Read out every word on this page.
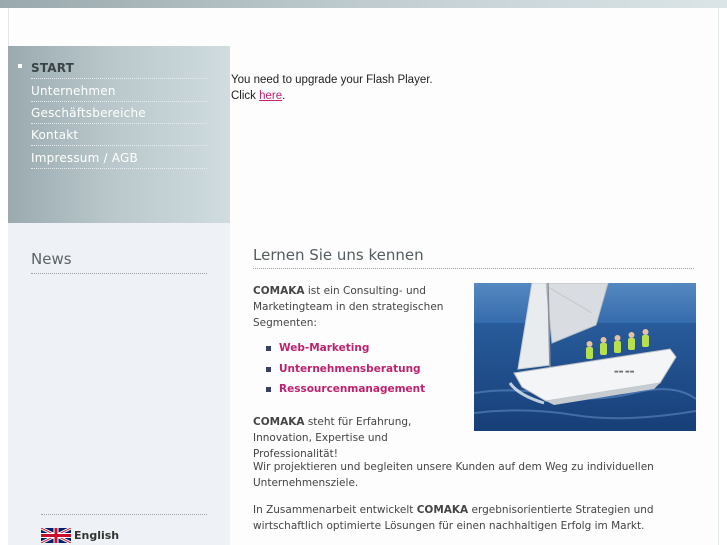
START
Unternehmen
Geschäftsbereiche
Kontakt
Impressum / AGB
You need to upgrade your Flash Player.
Click here.
News
English
Lernen Sie uns kennen
COMAKA ist ein Consulting- und Marketingteam in den strategischen Segmenten:
Web-Marketing
Unternehmensberatung
Ressourcenmanagement
COMAKA steht für Erfahrung, Innovation, Expertise und Professionalität!
Wir projektieren und begleiten unsere Kunden auf dem Weg zu individuellen Unternehmensziele.
In Zusammenarbeit entwickelt COMAKA ergebnisorientierte Strategien und wirtschaftlich optimierte Lösungen für einen nachhaltigen Erfolg im Markt.
▬▬ ▬▬
